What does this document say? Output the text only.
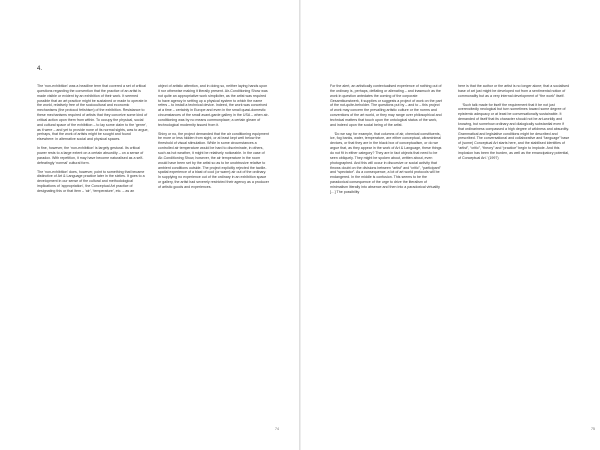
4.

The ‘non-exhibition’ was a headline term that covered a set of critical questions regarding the convention that the practice of an artist is made visible or evident by an exhibition of their work. It seemed possible that an art practice might be sustained or made to operate in the world, relatively free of the sociocultural and economic mechanisms (the protocol fetishism) of the exhibition. Resistance to these mechanisms required of artists that they conceive some kind of critical action upon them from within. To occupy the physical, social and cultural space of the exhibition – to lay some claim to the ‘genre’, as it were – and yet to provide none of its normal sights, was to argue, perhaps, that the work of artists might be sought and found elsewhere: in alternative social and physical spaces.

In fine, however, the ‘non-exhibition’ is largely gestural. Its critical power rests to a large extent on a certain absurdity – on a sense of paradox. With repetition, it may have become naturalised as a self-defeatingly ‘normal’ cultural form.

The ‘non-exhibition’ does, however, point to something that became distinctive of Art & Language practice later in the sixties. It goes to a development in our sense of the cultural and methodological implications of ‘appropriation’, the Conceptual Art practice of designating this or that item – ‘air’, ‘temperature’, etc. – as an

object of artistic attention, and in doing so, neither laying hands upon it nor otherwise making it literally present. Air-Conditioning Show was not quite an appropriative work simpliciter, as the artist was required to have agency in setting up a physical system to which the name refers – to install a technical device. Indeed, the work was conceived at a time – certainly in Europe and even in the small quasi-domestic circumstances of the small avant-garde gallery in the USA – when air-conditioning was by no means commonplace; a certain gleam of technological modernity issued from it.

Shiny or no, the project demanded that the air conditioning equipment be more or less hidden from sight, or at least kept well below the threshold of visual stimulation. While in some circumstances a controlled air temperature would be hard to discriminate, in others, such as hot weather, it might be relatively noticeable. In the case of Air-Conditioning Show, however, the air temperature in the room would have been set by the artist so as to be unobtrusive relative to ambient conditions outside. The project explicitly rejected the tactile-spatial experience of a blast of cool (or warm) air out of the ordinary. In supplying no experience out of the ordinary in an exhibition space or gallery, the artist had severely restricted their agency as a producer of artistic goods and experiences.

For the alert, an artistically contextualised experience of nothing out of the ordinary is, perhaps, deflating or alienating – and inasmuch as the work in question antedates the coming of the corporate Gesamtkunstwerk, it supplies or suggests a project of work on the part of the not-quite-beholder. The questions put by – and to – this project of work may concern the prevailing artistic culture or the norms and conventions of the art world, or they may range over philosophical and technical matters that touch upon the ontological status of the work, and indeed upon the social being of the artist.

‘Do we say, for example, that columns of air, chemical constituents, ice, fog banks, water, temperature, are either conceptual, ultraminimal devices, or that they are in the black box of conceptualism, or do we argue that, as they appear in the work of Art & Language, these things do not fit in either category? They are in fact objects that need to be seen obliquely. They might be spoken about, written about, even photographed. And this will occur in discursive or social activity that throws doubt on the divisions between “artist” and “critic”, “participant” and “spectator”. As a consequence, a lot of art world protocols will be endangered. In the middle is confusion. This seems to be the paradoxical consequence of the urge to drive the literalism of minimalism literally into absence and then into a paradoxical virtuality […] The possibility

here is that the author or the artist is no longer alone; that a socialised base of art just might be developed not from a sentimental notion of commonality but as a very internal development of “the work” itself.

‘Such talk made for itself the requirement that it be not just overexcitedly neological but turn sometimes toward some degree of epistemic adequacy or at least be conversationally sustainable. It demanded of itself that its character should not be art-worldly and knowing, but somehow ordinary and dialogically substantial even if that ordinariness compassed a high degree of wildness and absurdity. Grammatical and legislative conditions might be described and prescribed. The conversational and collaborative and “language” base of (some) Conceptual Art starts here, and the stabilised identities of “artist”, “critic”, “theory” and “practice” begin to implode. And this implosion has been the burden, as well as the emancipatory potential, of Conceptual Art.’ (1997)

74	75
